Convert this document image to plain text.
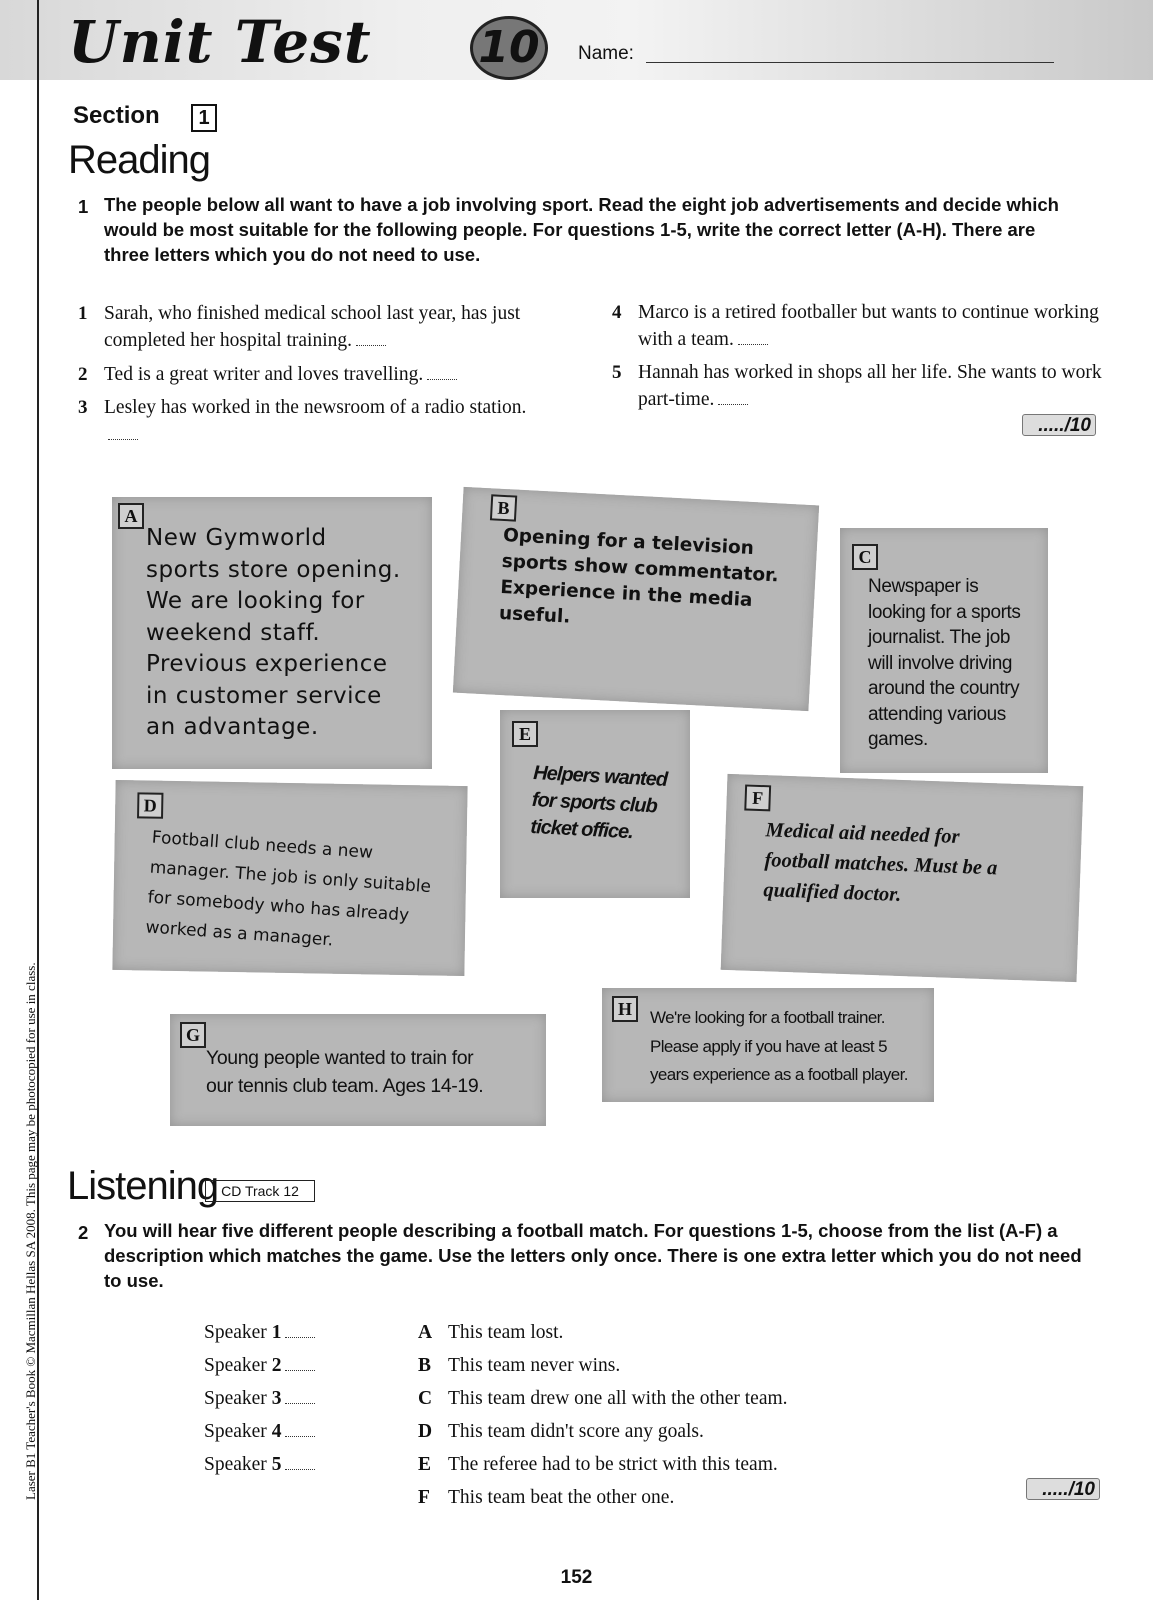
Unit Test 10	Name:
Laser B1 Teacher's Book © Macmillan Hellas SA 2008. This page may be photocopied for use in class.
Section	1
Reading
1 The people below all want to have a job involving sport. Read the eight job advertisements and decide which would be most suitable for the following people. For questions 1-5, write the correct letter (A-H). There are three letters which you do not need to use.
1 Sarah, who finished medical school last year, has just completed her hospital training.
2 Ted is a great writer and loves travelling.
3 Lesley has worked in the newsroom of a radio station.
4 Marco is a retired footballer but wants to continue working with a team.
5 Hannah has worked in shops all her life. She wants to work part-time.
...../10
A
New Gymworld
sports store opening.
We are looking for
weekend staff.
Previous experience
in customer service
an advantage.
B
Opening for a television
sports show commentator.
Experience in the media
useful.
C
Newspaper is
looking for a sports
journalist. The job
will involve driving
around the country
attending various
games.
E
Helpers wanted
for sports club
ticket office.
D
Football club needs a new
manager. The job is only suitable
for somebody who has already
worked as a manager.
F
Medical aid needed for
football matches. Must be a
qualified doctor.
G
Young people wanted to train for
our tennis club team. Ages 14-19.
H	We're looking for a football trainer.
Please apply if you have at least 5
years experience as a football player.
Listening CD Track 12
2 You will hear five different people describing a football match. For questions 1-5, choose from the list (A-F) a description which matches the game. Use the letters only once. There is one extra letter which you do not need to use.
Speaker 1
Speaker 2
Speaker 3
Speaker 4
Speaker 5
A This team lost.
B This team never wins.
C This team drew one all with the other team.
D This team didn't score any goals.
E The referee had to be strict with this team.
F This team beat the other one.	...../10
152
